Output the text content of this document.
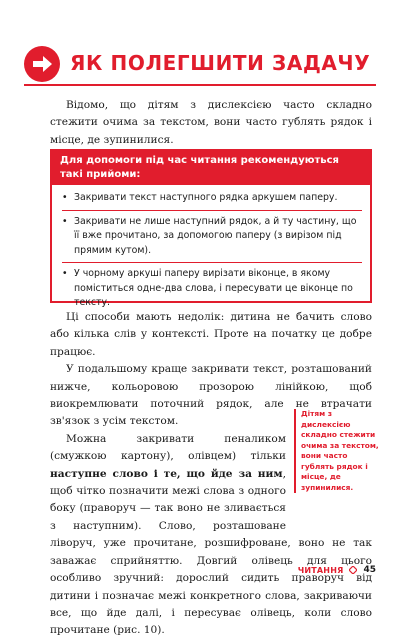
ЯК ПОЛЕГШИТИ ЗАДАЧУ

Відомо, що дітям з дислексією часто складно стежити очима за текстом, вони часто гублять рядок і місце, де зупинилися.

Для допомоги під час читання рекомендуються такі прийоми:
• Закривати текст наступного рядка аркушем паперу.
• Закривати не лише наступний рядок, а й ту частину, що її вже прочитано, за допомогою паперу (з вирізом під прямим кутом).
• У чорному аркуші паперу вирізати віконце, в якому поміститься одне-два слова, і пересувати це віконце по тексту.

Ці способи мають недолік: дитина не бачить слово або кілька слів у контексті. Проте на початку це добре працює.

У подальшому краще закривати текст, розташований нижче, кольоровою прозорою лінійкою, щоб виокремлювати поточний рядок, але не втрачати зв'язок з усім текстом.

Можна закривати пеналиком (смужкою картону), олівцем) тільки наступне слово і те, що йде за ним, щоб чітко позначити межі слова з одного боку (праворуч — так воно не зливається з наступним). Слово, розташоване ліворуч, уже прочитане, розшифроване, воно не так заважає сприйняттю. Довгий олівець для цього особливо зручний: дорослий сидить праворуч від дитини і позначає межі конкретного слова, закриваючи все, що йде далі, і пересуває олівець, коли слово прочитане (рис. 10).

Дітям з дислексією складно стежити очима за текстом, вони часто гублять рядок і місце, де зупинилися.
ЧИТАННЯ 45
